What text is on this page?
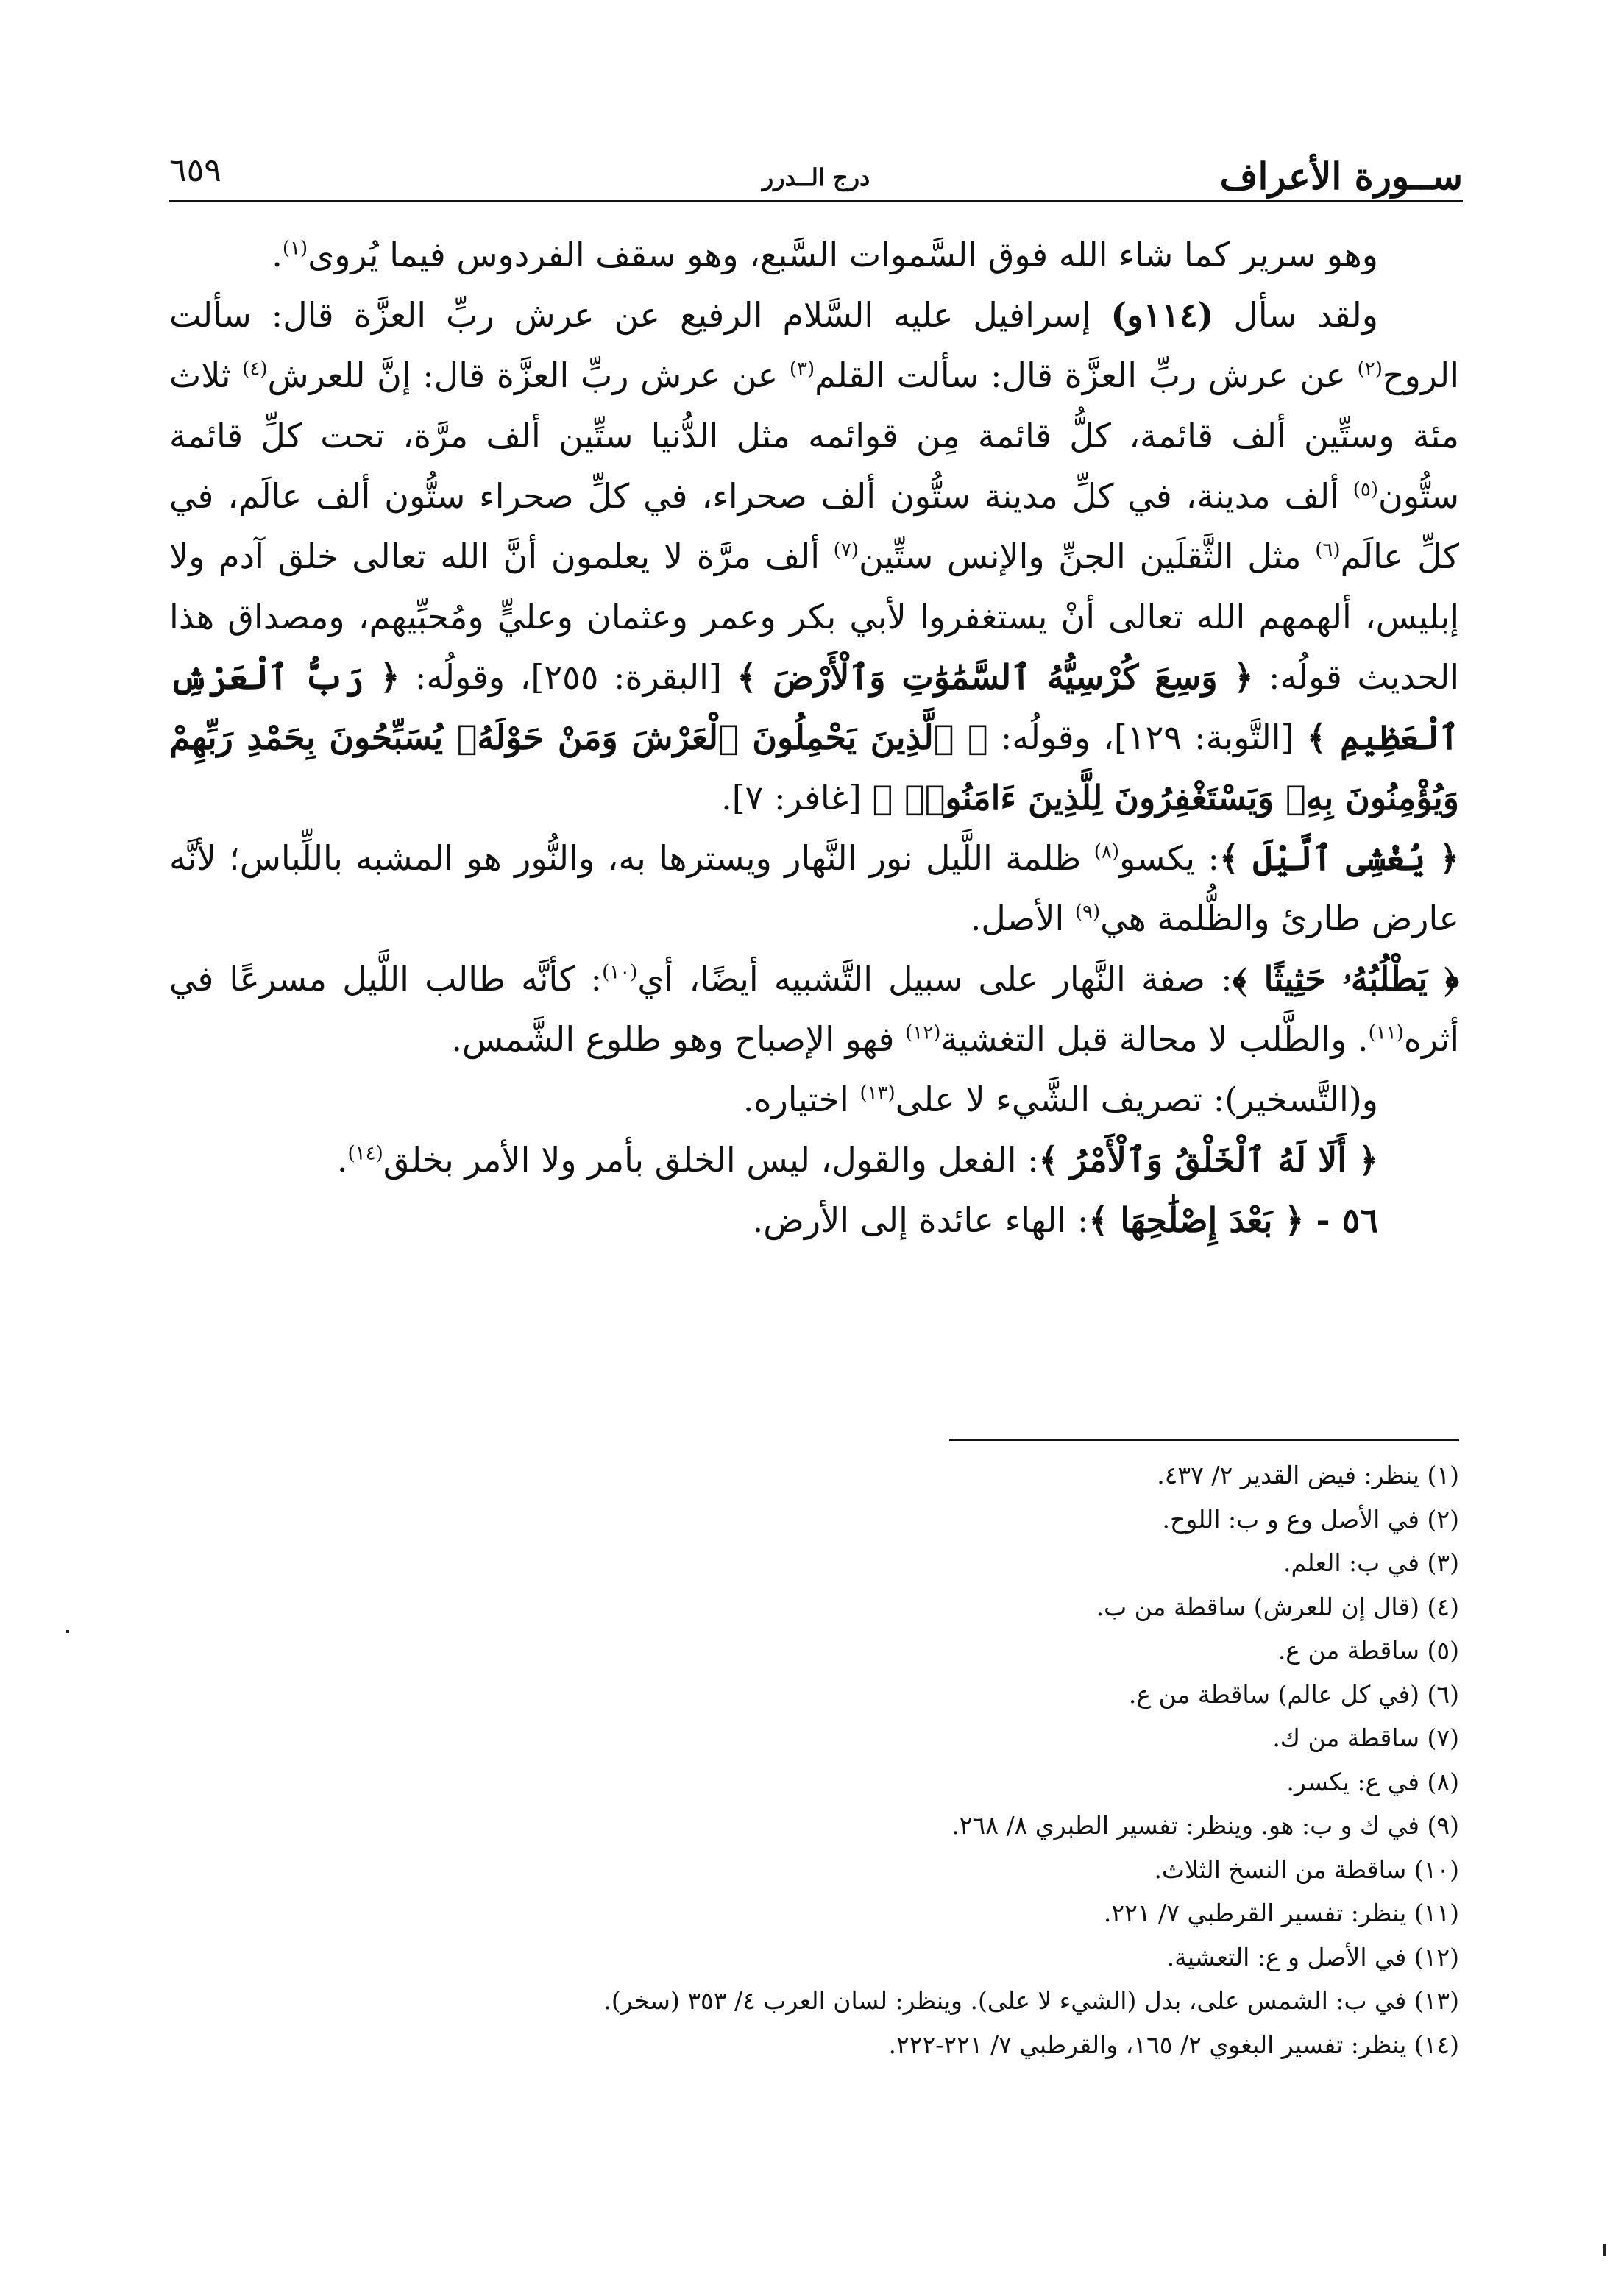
ســورة الأعراف
درج الــدرر
٦٥٩

وهو سرير كما شاء الله فوق السَّموات السَّبع، وهو سقف الفردوس فيما يُروى$^{(١)}$.

ولقد سأل (١١٤و) إسرافيل عليه السَّلام الرفيع عن عرش ربِّ العزَّة قال: سألت الروح$^{(٢)}$ عن عرش ربِّ العزَّة قال: سألت القلم$^{(٣)}$ عن عرش ربِّ العزَّة قال: إنَّ للعرش$^{(٤)}$ ثلاث مئة وستِّين ألف قائمة، كلُّ قائمة مِن قوائمه مثل الدُّنيا ستِّين ألف مرَّة، تحت كلِّ قائمة ستُّون$^{(٥)}$ ألف مدينة، في كلِّ مدينة ستُّون ألف صحراء، في كلِّ صحراء ستُّون ألف عالَم، في كلِّ عالَم$^{(٦)}$ مثل الثَّقلَين الجنِّ والإنس ستِّين$^{(٧)}$ ألف مرَّة لا يعلمون أنَّ الله تعالى خلق آدم ولا إبليس، ألهمهم الله تعالى أنْ يستغفروا لأبي بكر وعمر وعثمان وعليٍّ ومُحبِّيهم، ومصداق هذا الحديث قولُه: ﴿ وَسِعَ كُرْسِيُّهُ ٱلسَّمَٰوَٰتِ وَٱلْأَرْضَ ﴾ [البقرة: ٢٥٥]، وقولُه: ﴿ رَبُّ ٱلْعَرْشِ ٱلْعَظِيمِ ﴾ [التَّوبة: ١٢٩]، وقولُه: ﴿ ٱلَّذِينَ يَحْمِلُونَ ٱلْعَرْشَ وَمَنْ حَوْلَهُۥ يُسَبِّحُونَ بِحَمْدِ رَبِّهِمْ وَيُؤْمِنُونَ بِهِۦ وَيَسْتَغْفِرُونَ لِلَّذِينَ ءَامَنُوا۟ ﴾ [غافر: ٧].

﴿ يُغْشِى ٱلَّيْلَ ﴾: يكسو$^{(٨)}$ ظلمة اللَّيل نور النَّهار ويسترها به، والنُّور هو المشبه باللِّباس؛ لأنَّه عارض طارئ والظُّلمة هي$^{(٩)}$ الأصل.

﴿ يَطْلُبُهُۥ حَثِيثًا ﴾: صفة النَّهار على سبيل التَّشبيه أيضًا، أي$^{(١٠)}$: كأنَّه طالب اللَّيل مسرعًا في أثره$^{(١١)}$. والطَّلب لا محالة قبل التغشية$^{(١٢)}$ فهو الإصباح وهو طلوع الشَّمس.

و(التَّسخير): تصريف الشَّيء لا على$^{(١٣)}$ اختياره.

﴿ أَلَا لَهُ ٱلْخَلْقُ وَٱلْأَمْرُ ﴾: الفعل والقول، ليس الخلق بأمر ولا الأمر بخلق$^{(١٤)}$.

٥٦ - ﴿ بَعْدَ إِصْلَٰحِهَا ﴾: الهاء عائدة إلى الأرض.

(١) ينظر: فيض القدير ٢/ ٤٣٧.
(٢) في الأصل وع و ب: اللوح.
(٣) في ب: العلم.
(٤) (قال إن للعرش) ساقطة من ب.
(٥) ساقطة من ع.
(٦) (في كل عالم) ساقطة من ع.
(٧) ساقطة من ك.
(٨) في ع: يكسر.
(٩) في ك و ب: هو. وينظر: تفسير الطبري ٨/ ٢٦٨.
(١٠) ساقطة من النسخ الثلاث.
(١١) ينظر: تفسير القرطبي ٧/ ٢٢١.
(١٢) في الأصل و ع: التعشية.
(١٣) في ب: الشمس على، بدل (الشيء لا على). وينظر: لسان العرب ٤/ ٣٥٣ (سخر).
(١٤) ينظر: تفسير البغوي ٢/ ١٦٥، والقرطبي ٧/ ٢٢١-٢٢٢.
